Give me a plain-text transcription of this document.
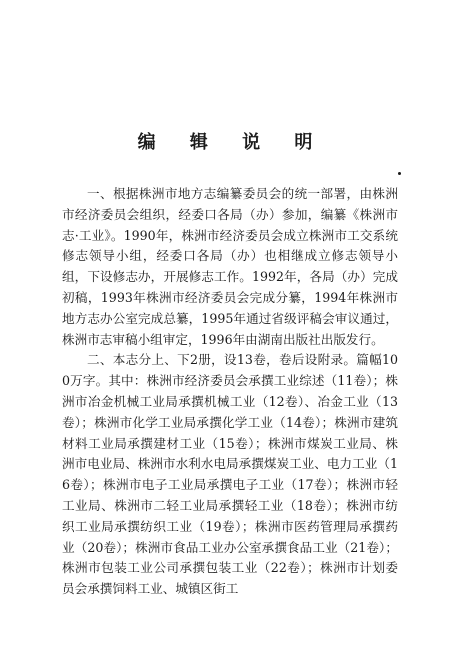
编 辑 说 明

一、根据株洲市地方志编纂委员会的统一部署，由株洲市经济委员会组织，经委口各局（办）参加，编纂《株洲市志·工业》。1990年，株洲市经济委员会成立株洲市工交系统修志领导小组，经委口各局（办）也相继成立修志领导小组，下设修志办，开展修志工作。1992年，各局（办）完成初稿，1993年株洲市经济委员会完成分纂，1994年株洲市地方志办公室完成总纂，1995年通过省级评稿会审议通过，株洲市志审稿小组审定，1996年由湖南出版社出版发行。

二、本志分上、下2册，设13卷，卷后设附录。篇幅100万字。其中：株洲市经济委员会承撰工业综述（11卷）；株洲市冶金机械工业局承撰机械工业（12卷）、冶金工业（13卷）；株洲市化学工业局承撰化学工业（14卷）；株洲市建筑材料工业局承撰建材工业（15卷）；株洲市煤炭工业局、株洲市电业局、株洲市水利水电局承撰煤炭工业、电力工业（16卷）；株洲市电子工业局承撰电子工业（17卷）；株洲市轻工业局、株洲市二轻工业局承撰轻工业（18卷）；株洲市纺织工业局承撰纺织工业（19卷）；株洲市医药管理局承撰药业（20卷）；株洲市食品工业办公室承撰食品工业（21卷）；株洲市包装工业公司承撰包装工业（22卷）；株洲市计划委员会承撰饲料工业、城镇区街工
